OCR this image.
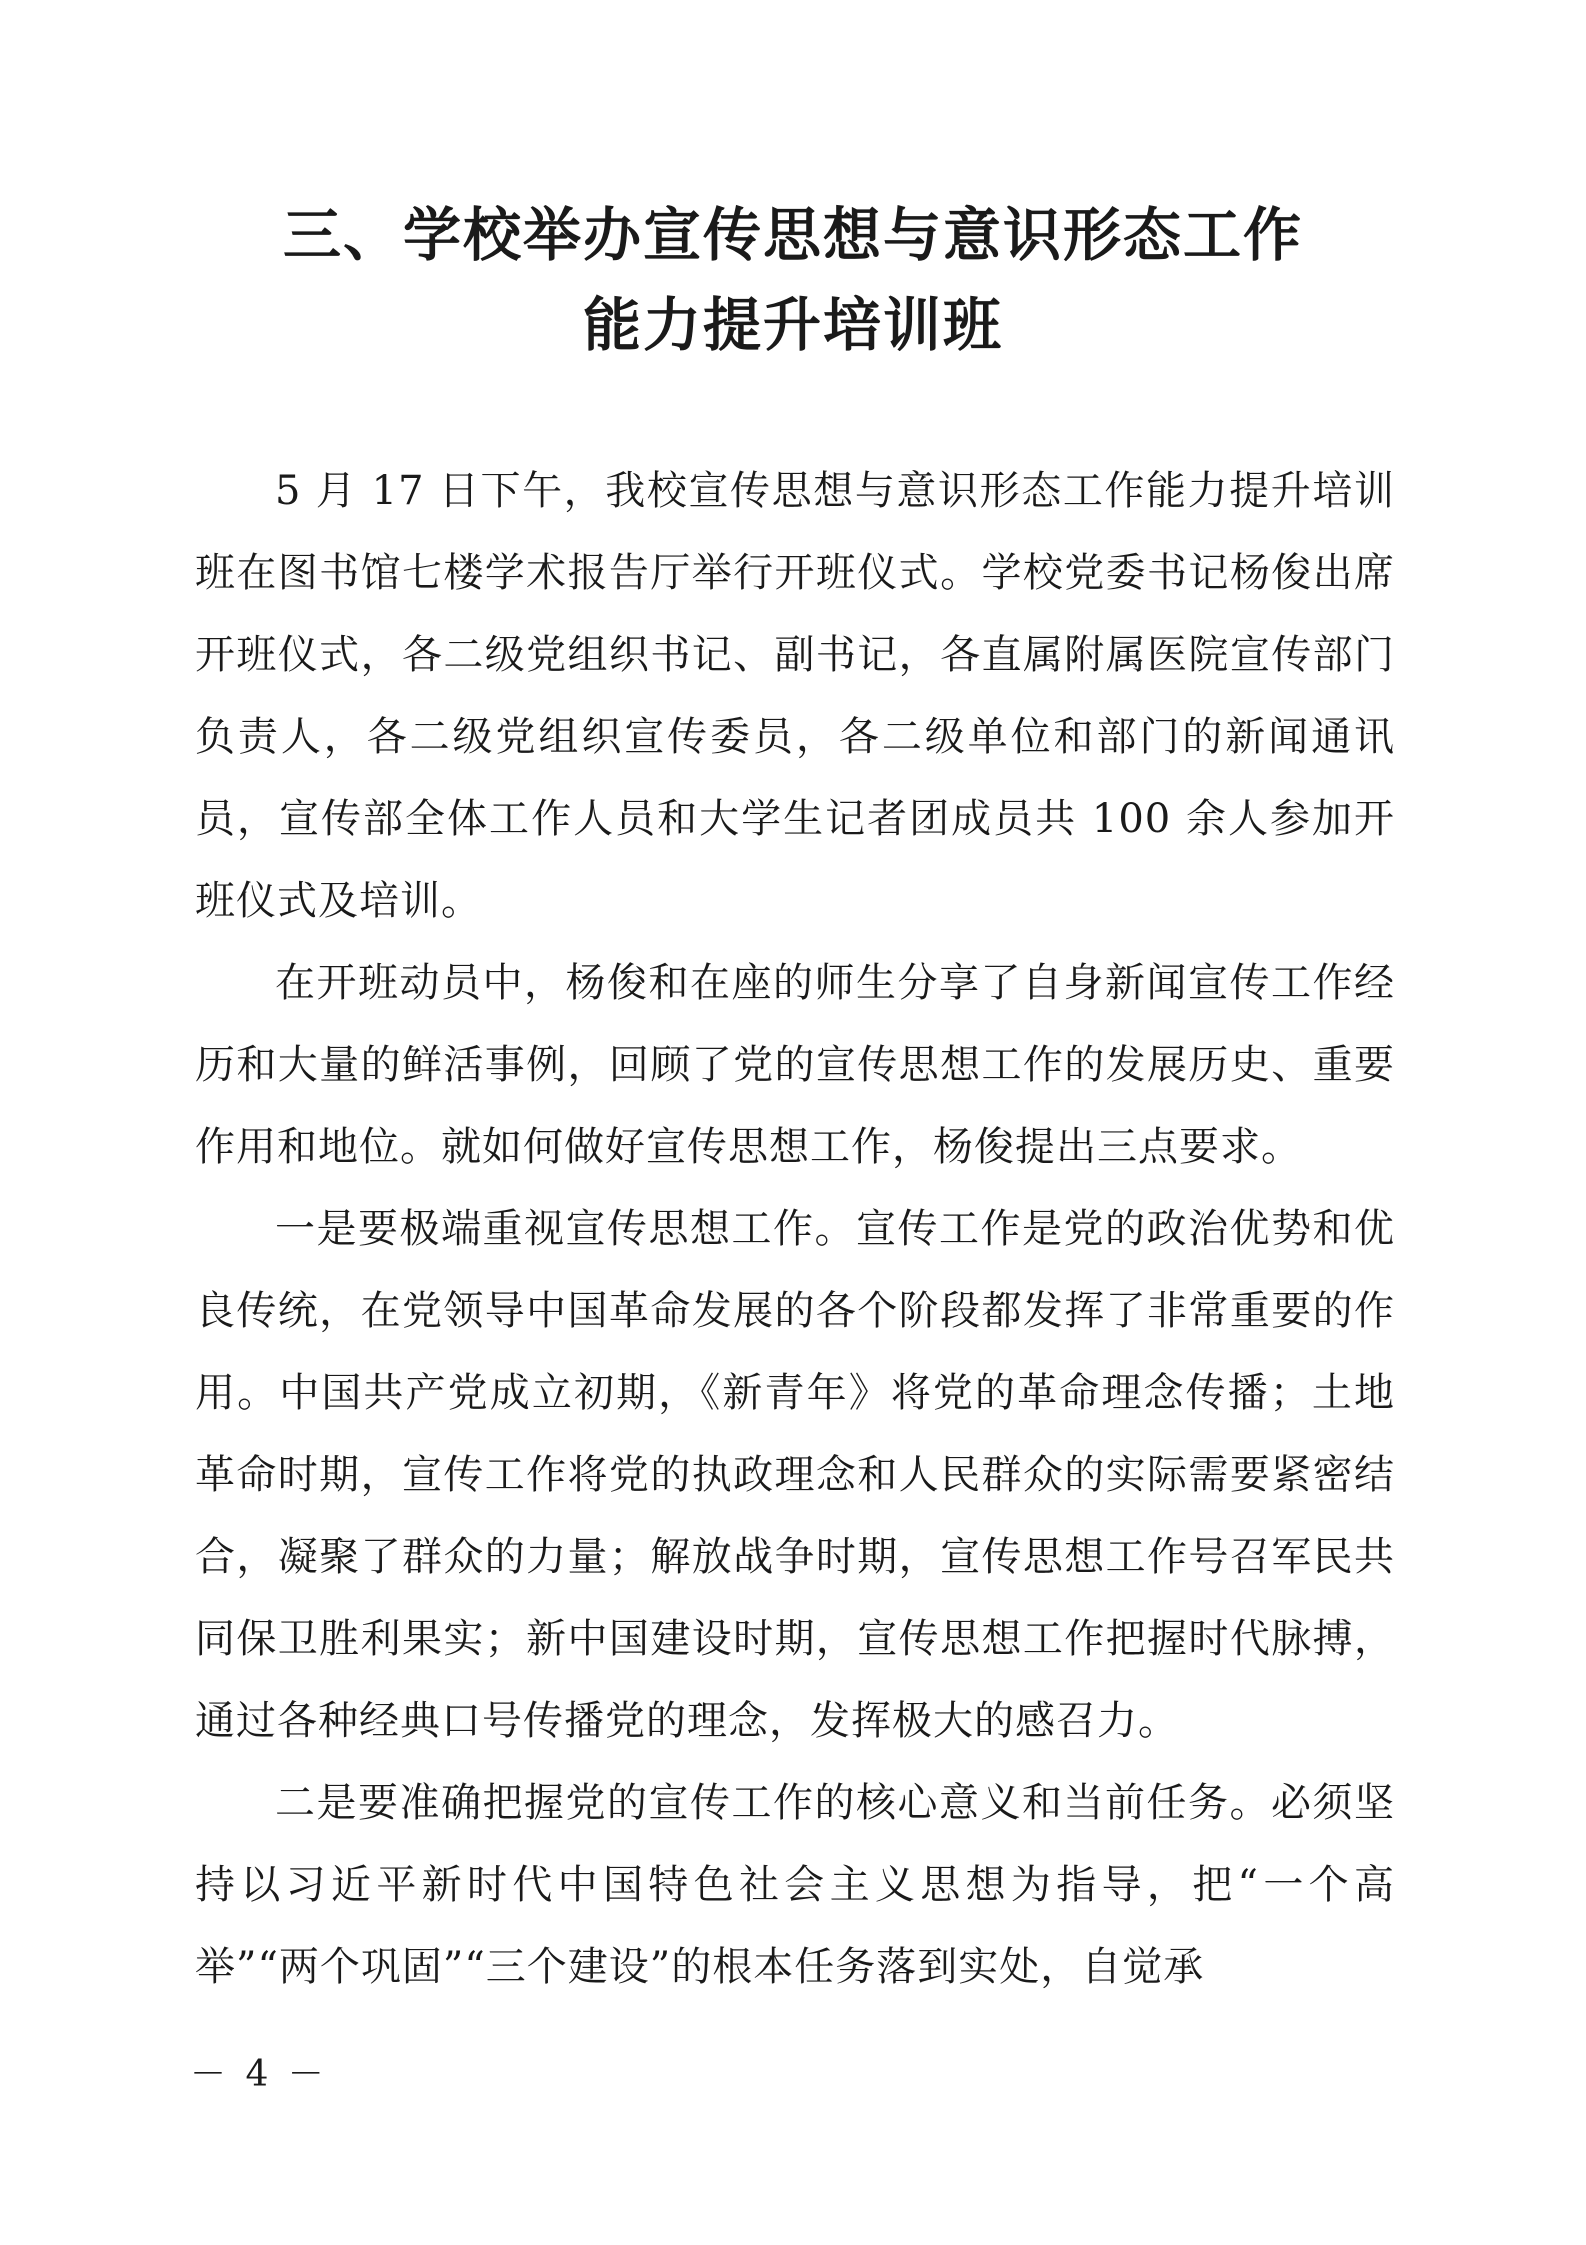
三、学校举办宣传思想与意识形态工作
能力提升培训班

5 月 17 日下午，我校宣传思想与意识形态工作能力提升培训班在图书馆七楼学术报告厅举行开班仪式。学校党委书记杨俊出席开班仪式，各二级党组织书记、副书记，各直属附属医院宣传部门负责人，各二级党组织宣传委员，各二级单位和部门的新闻通讯员，宣传部全体工作人员和大学生记者团成员共 100 余人参加开班仪式及培训。

在开班动员中，杨俊和在座的师生分享了自身新闻宣传工作经历和大量的鲜活事例，回顾了党的宣传思想工作的发展历史、重要作用和地位。就如何做好宣传思想工作，杨俊提出三点要求。

一是要极端重视宣传思想工作。宣传工作是党的政治优势和优良传统，在党领导中国革命发展的各个阶段都发挥了非常重要的作用。中国共产党成立初期，《新青年》将党的革命理念传播；土地革命时期，宣传工作将党的执政理念和人民群众的实际需要紧密结合，凝聚了群众的力量；解放战争时期，宣传思想工作号召军民共同保卫胜利果实；新中国建设时期，宣传思想工作把握时代脉搏，通过各种经典口号传播党的理念，发挥极大的感召力。

二是要准确把握党的宣传工作的核心意义和当前任务。必须坚持以习近平新时代中国特色社会主义思想为指导，把“一个高举”“两个巩固”“三个建设”的根本任务落到实处，自觉承

－ 4 －
